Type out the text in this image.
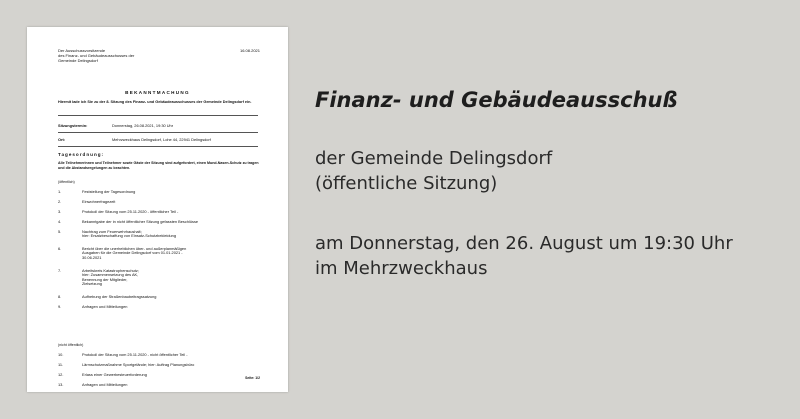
Der Ausschussvorsitzende
des Finanz- und Gebäudeausschusses der
Gemeinde Delingsdorf
16.08.2021
BEKANNTMACHUNG
Hiermit lade ich Sie zu der 8. Sitzung des Finanz- und Gebäudeausschusses der Gemeinde Delingsdorf ein.
Sitzungstermin:	Donnerstag, 26.08.2021, 19:30 Uhr
Ort:	Mehrzweckhaus Delingsdorf, Lohe 44, 22941 Delingsdorf
Tagesordnung:
Alle Teilnehmerinnen und Teilnehmer sowie Gäste der Sitzung sind aufgefordert, einen Mund-Nasen-Schutz zu tragen und die Abstandsregelungen zu beachten.
(öffentlich)
1.	Feststellung der Tagesordnung
2.	Einwohnerfragezeit
3.	Protokoll der Sitzung vom 25.11.2020 - öffentlicher Teil -
4.	Bekanntgabe der in nicht öffentlicher Sitzung gefassten Beschlüsse
5.	Nachtrag zum Feuerwehrhaushalt;
hier: Ersatzbeschaffung von Einsatz-Schutzbekleidung
6.	Bericht über die unerheblichen über- und außerplanmäßigen
Ausgaben für die Gemeinde Delingsdorf vom 01.01.2021 -
30.06.2021
7.	Arbeitskreis Katastrophenschutz;
hier: Zusammensetzung des AK,
Benennung der Mitglieder,
Zielsetzung
8.	Aufhebung der Straßenbaubeitragssatzung
9.	Anfragen und Mitteilungen
(nicht öffentlich)
10.	Protokoll der Sitzung vom 25.11.2020 - nicht öffentlicher Teil -
11.	Lärmschutzmaßnahme Sportgelände; hier: Auftrag Planungsbüro
12.	Erlass einer Gewerbesteuerforderung
13.	Anfragen und Mitteilungen
Seite: 1/2
Finanz- und Gebäudeausschuß
der Gemeinde Delingsdorf
(öffentliche Sitzung)
am Donnerstag, den 26. August um 19:30 Uhr
im Mehrzweckhaus
